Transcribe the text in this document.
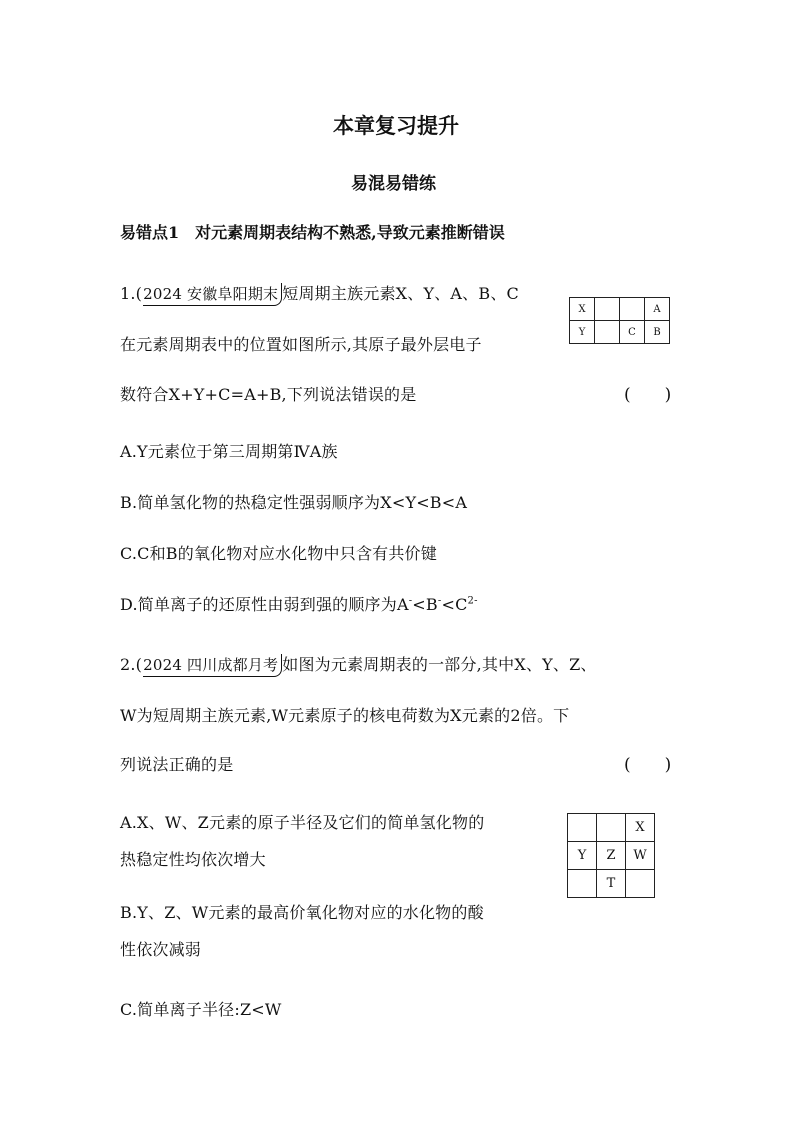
本章复习提升
易混易错练
易错点1　对元素周期表结构不熟悉,导致元素推断错误
1.(2024 安徽阜阳期末 短周期主族元素X、Y、A、B、C
在元素周期表中的位置如图所示,其原子最外层电子
数符合X+Y+C=A+B,下列说法错误的是	(　　)
X			A
Y		C	B
A.Y元素位于第三周期第ⅣA族
B.简单氢化物的热稳定性强弱顺序为X<Y<B<A
C.C和B的氧化物对应水化物中只含有共价键
D.简单离子的还原性由弱到强的顺序为$A^-<B^-<C^{2-}$
2.(2024 四川成都月考 如图为元素周期表的一部分,其中X、Y、Z、
W为短周期主族元素,W元素原子的核电荷数为X元素的2倍。下
列说法正确的是	(　　)
A.X、W、Z元素的原子半径及它们的简单氢化物的
热稳定性均依次增大
		X
Y	Z	W
	T	
B.Y、Z、W元素的最高价氧化物对应的水化物的酸
性依次减弱
C.简单离子半径:Z<W
